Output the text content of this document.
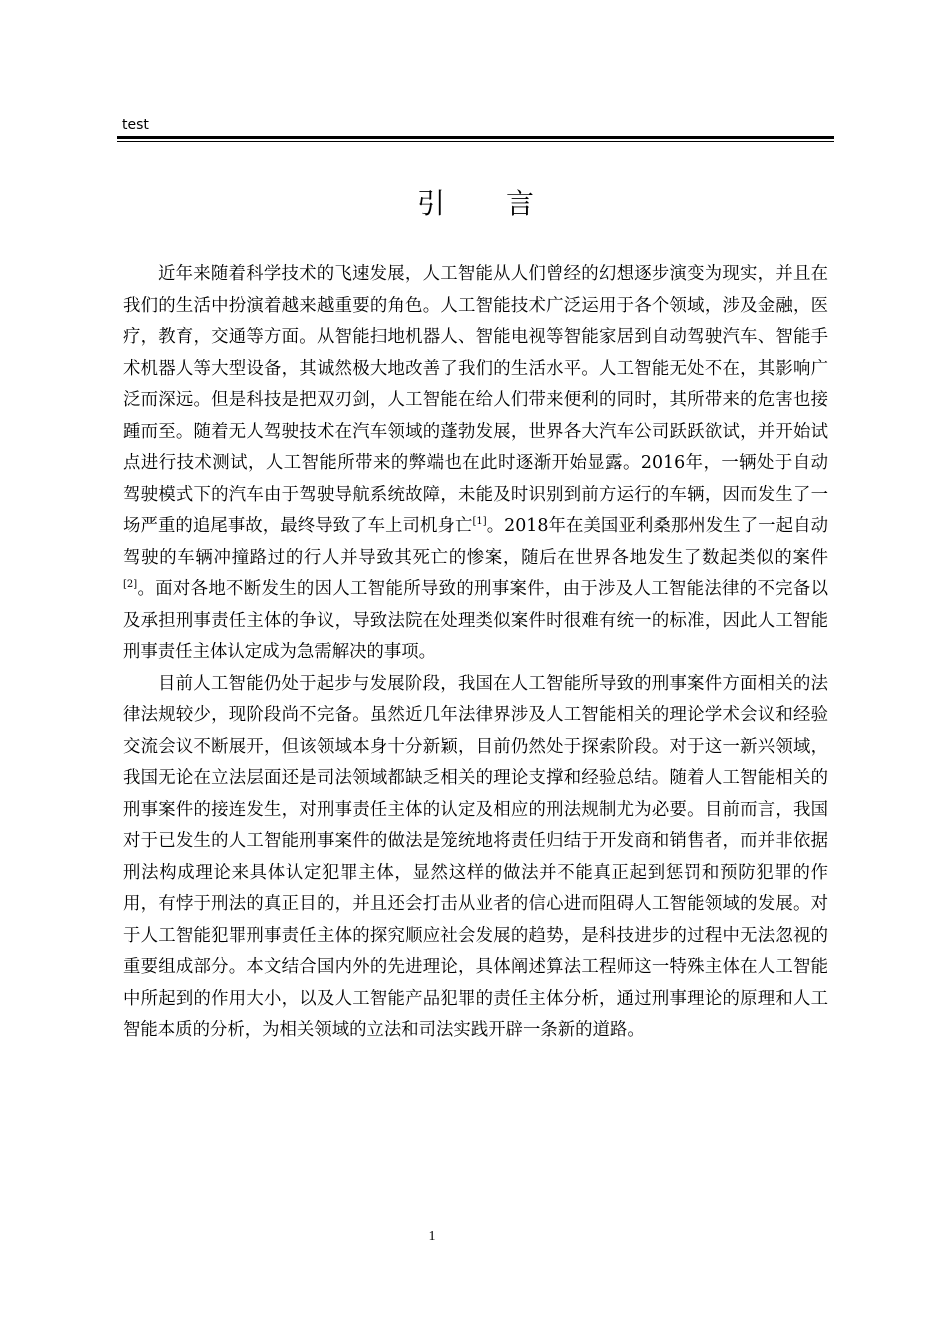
test
引 言

近年来随着科学技术的飞速发展，人工智能从人们曾经的幻想逐步演变为现实，并且在我们的生活中扮演着越来越重要的角色。人工智能技术广泛运用于各个领域，涉及金融，医疗，教育，交通等方面。从智能扫地机器人、智能电视等智能家居到自动驾驶汽车、智能手术机器人等大型设备，其诚然极大地改善了我们的生活水平。人工智能无处不在，其影响广泛而深远。但是科技是把双刃剑，人工智能在给人们带来便利的同时，其所带来的危害也接踵而至。随着无人驾驶技术在汽车领域的蓬勃发展，世界各大汽车公司跃跃欲试，并开始试点进行技术测试，人工智能所带来的弊端也在此时逐渐开始显露。2016年，一辆处于自动驾驶模式下的汽车由于驾驶导航系统故障，未能及时识别到前方运行的车辆，因而发生了一场严重的追尾事故，最终导致了车上司机身亡[1]。2018年在美国亚利桑那州发生了一起自动驾驶的车辆冲撞路过的行人并导致其死亡的惨案，随后在世界各地发生了数起类似的案件[2]。面对各地不断发生的因人工智能所导致的刑事案件，由于涉及人工智能法律的不完备以及承担刑事责任主体的争议，导致法院在处理类似案件时很难有统一的标准，因此人工智能刑事责任主体认定成为急需解决的事项。

目前人工智能仍处于起步与发展阶段，我国在人工智能所导致的刑事案件方面相关的法律法规较少，现阶段尚不完备。虽然近几年法律界涉及人工智能相关的理论学术会议和经验交流会议不断展开，但该领域本身十分新颖，目前仍然处于探索阶段。对于这一新兴领域，我国无论在立法层面还是司法领域都缺乏相关的理论支撑和经验总结。随着人工智能相关的刑事案件的接连发生，对刑事责任主体的认定及相应的刑法规制尤为必要。目前而言，我国对于已发生的人工智能刑事案件的做法是笼统地将责任归结于开发商和销售者，而并非依据刑法构成理论来具体认定犯罪主体，显然这样的做法并不能真正起到惩罚和预防犯罪的作用，有悖于刑法的真正目的，并且还会打击从业者的信心进而阻碍人工智能领域的发展。对于人工智能犯罪刑事责任主体的探究顺应社会发展的趋势，是科技进步的过程中无法忽视的重要组成部分。本文结合国内外的先进理论，具体阐述算法工程师这一特殊主体在人工智能中所起到的作用大小，以及人工智能产品犯罪的责任主体分析，通过刑事理论的原理和人工智能本质的分析，为相关领域的立法和司法实践开辟一条新的道路。

1
